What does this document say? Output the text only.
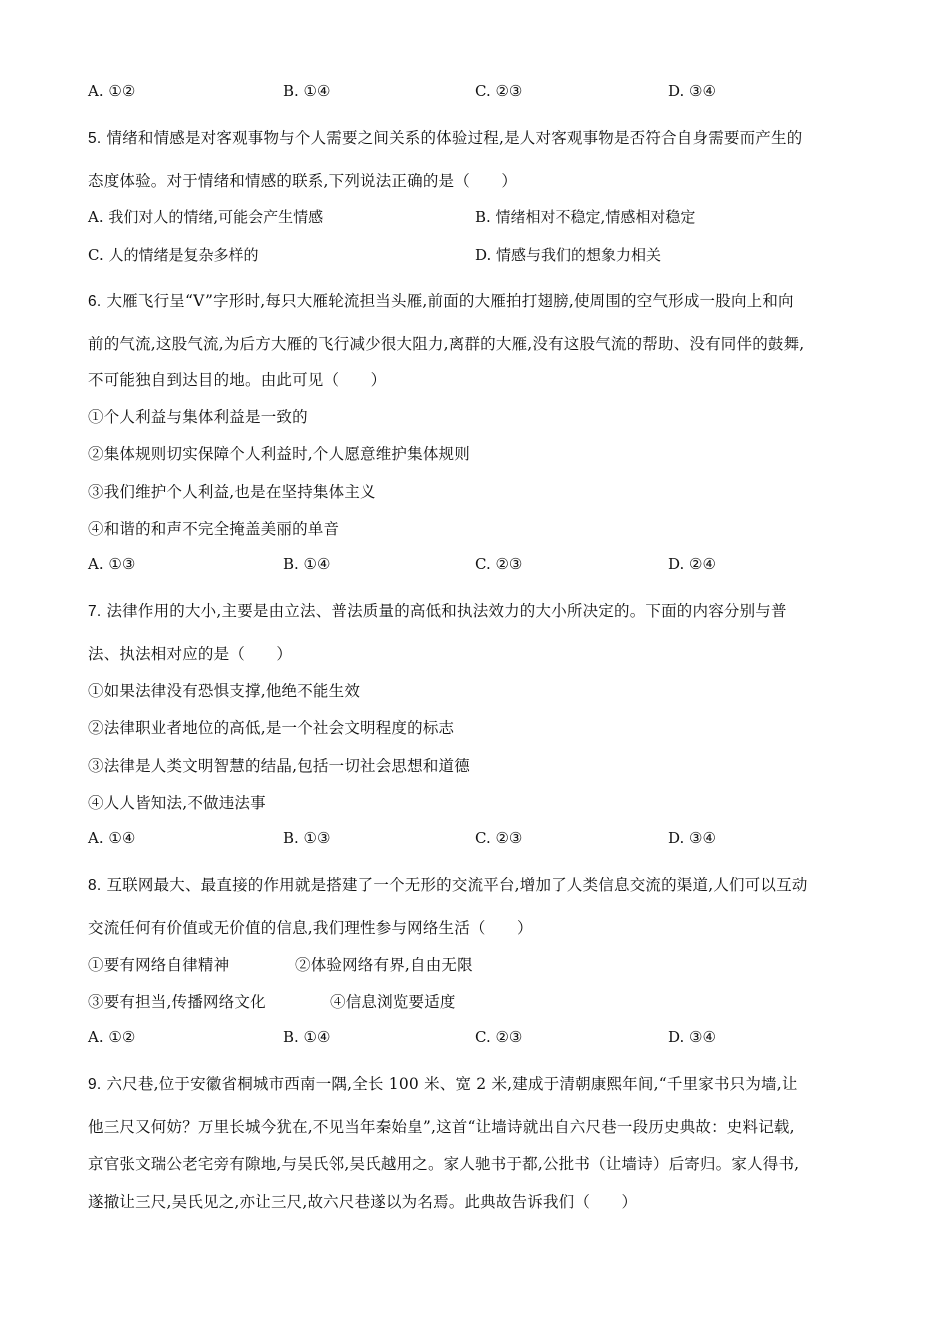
A. ①②	B. ①④	C. ②③	D. ③④
5. 情绪和情感是对客观事物与个人需要之间关系的体验过程,是人对客观事物是否符合自身需要而产生的
态度体验。对于情绪和情感的联系,下列说法正确的是（　　）
A. 我们对人的情绪,可能会产生情感	B. 情绪相对不稳定,情感相对稳定
C. 人的情绪是复杂多样的	D. 情感与我们的想象力相关
6. 大雁飞行呈“V”字形时,每只大雁轮流担当头雁,前面的大雁拍打翅膀,使周围的空气形成一股向上和向
前的气流,这股气流,为后方大雁的飞行减少很大阻力,离群的大雁,没有这股气流的帮助、没有同伴的鼓舞,
不可能独自到达目的地。由此可见（　　）
①个人利益与集体利益是一致的
②集体规则切实保障个人利益时,个人愿意维护集体规则
③我们维护个人利益,也是在坚持集体主义
④和谐的和声不完全掩盖美丽的单音
A. ①③	B. ①④	C. ②③	D. ②④
7. 法律作用的大小,主要是由立法、普法质量的高低和执法效力的大小所决定的。下面的内容分别与普
法、执法相对应的是（　　）
①如果法律没有恐惧支撑,他绝不能生效
②法律职业者地位的高低,是一个社会文明程度的标志
③法律是人类文明智慧的结晶,包括一切社会思想和道德
④人人皆知法,不做违法事
A. ①④	B. ①③	C. ②③	D. ③④
8. 互联网最大、最直接的作用就是搭建了一个无形的交流平台,增加了人类信息交流的渠道,人们可以互动
交流任何有价值或无价值的信息,我们理性参与网络生活（　　）
①要有网络自律精神	②体验网络有界,自由无限
③要有担当,传播网络文化	④信息浏览要适度
A. ①②	B. ①④	C. ②③	D. ③④
9. 六尺巷,位于安徽省桐城市西南一隅,全长 100 米、宽 2 米,建成于清朝康熙年间,“千里家书只为墙,让
他三尺又何妨？万里长城今犹在,不见当年秦始皇”,这首“让墙诗就出自六尺巷一段历史典故：史料记载,
京官张文瑞公老宅旁有隙地,与吴氏邻,吴氏越用之。家人驰书于都,公批书（让墙诗）后寄归。家人得书,
遂撤让三尺,吴氏见之,亦让三尺,故六尺巷遂以为名焉。此典故告诉我们（　　）
